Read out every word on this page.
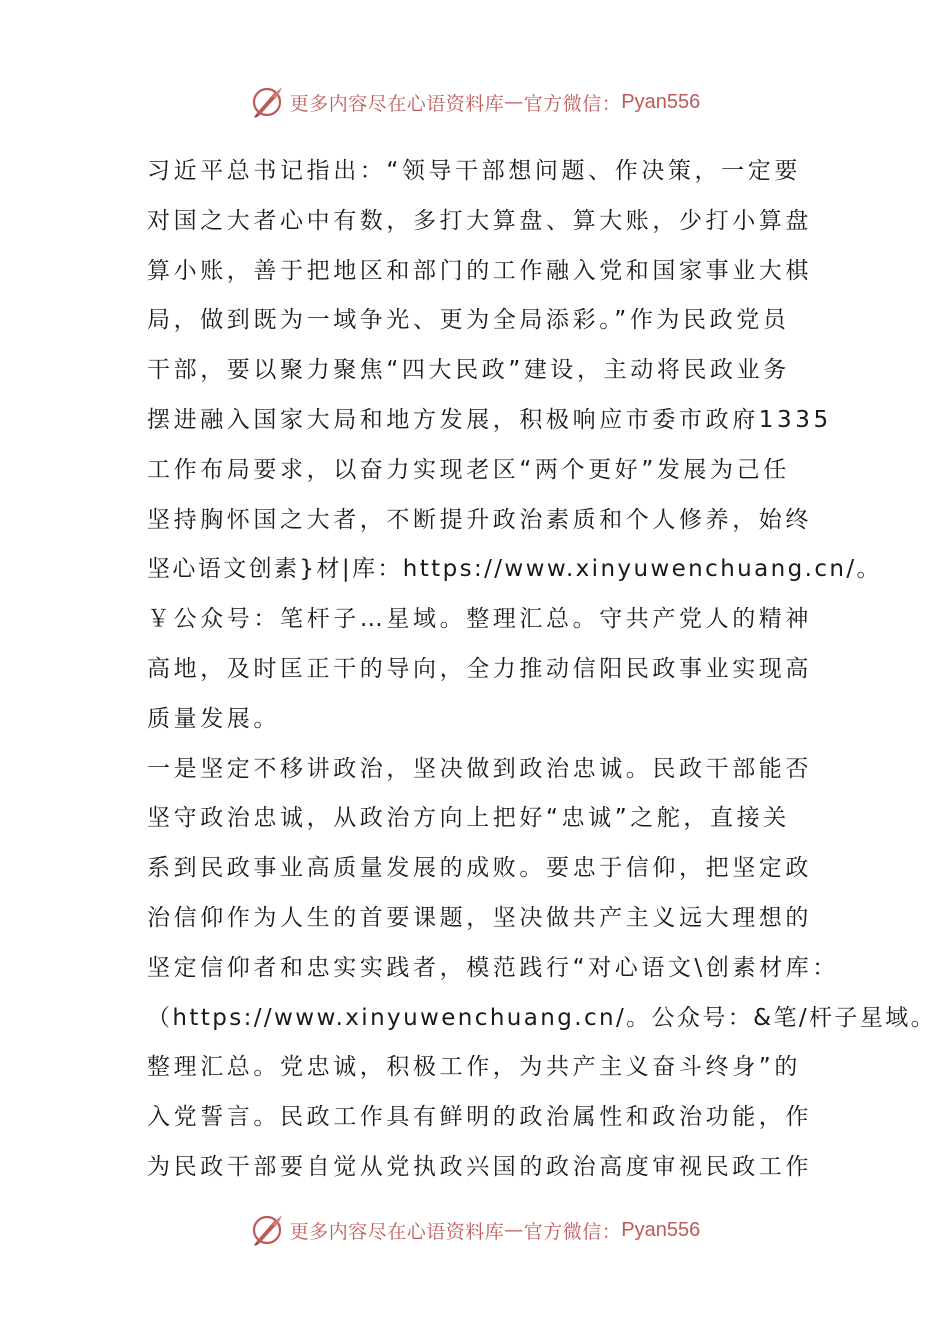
更多内容尽在心语资料库 — 官方微信： Pyan556
习近平总书记指出：“领导干部想问题、作决策，一定要
对国之大者心中有数，多打大算盘、算大账，少打小算盘
算小账，善于把地区和部门的工作融入党和国家事业大棋
局，做到既为一域争光、更为全局添彩。”作为民政党员
干部，要以聚力聚焦“四大民政”建设，主动将民政业务
摆进融入国家大局和地方发展，积极响应市委市政府1335
工作布局要求，以奋力实现老区“两个更好”发展为己任
坚持胸怀国之大者，不断提升政治素质和个人修养，始终
坚心语文创素}材|库：https://www.xinyuwenchuang.cn/。
￥公众号：笔杆子…星域。整理汇总。守共产党人的精神
高地，及时匡正干的导向，全力推动信阳民政事业实现高
质量发展。
一是坚定不移讲政治，坚决做到政治忠诚。民政干部能否
坚守政治忠诚，从政治方向上把好“忠诚”之舵，直接关
系到民政事业高质量发展的成败。要忠于信仰，把坚定政
治信仰作为人生的首要课题，坚决做共产主义远大理想的
坚定信仰者和忠实实践者，模范践行“对心语文\创素材库：
（https://www.xinyuwenchuang.cn/。公众号：&笔/杆子星域。
整理汇总。党忠诚，积极工作，为共产主义奋斗终身”的
入党誓言。民政工作具有鲜明的政治属性和政治功能，作
为民政干部要自觉从党执政兴国的政治高度审视民政工作
更多内容尽在心语资料库 — 官方微信： Pyan556
